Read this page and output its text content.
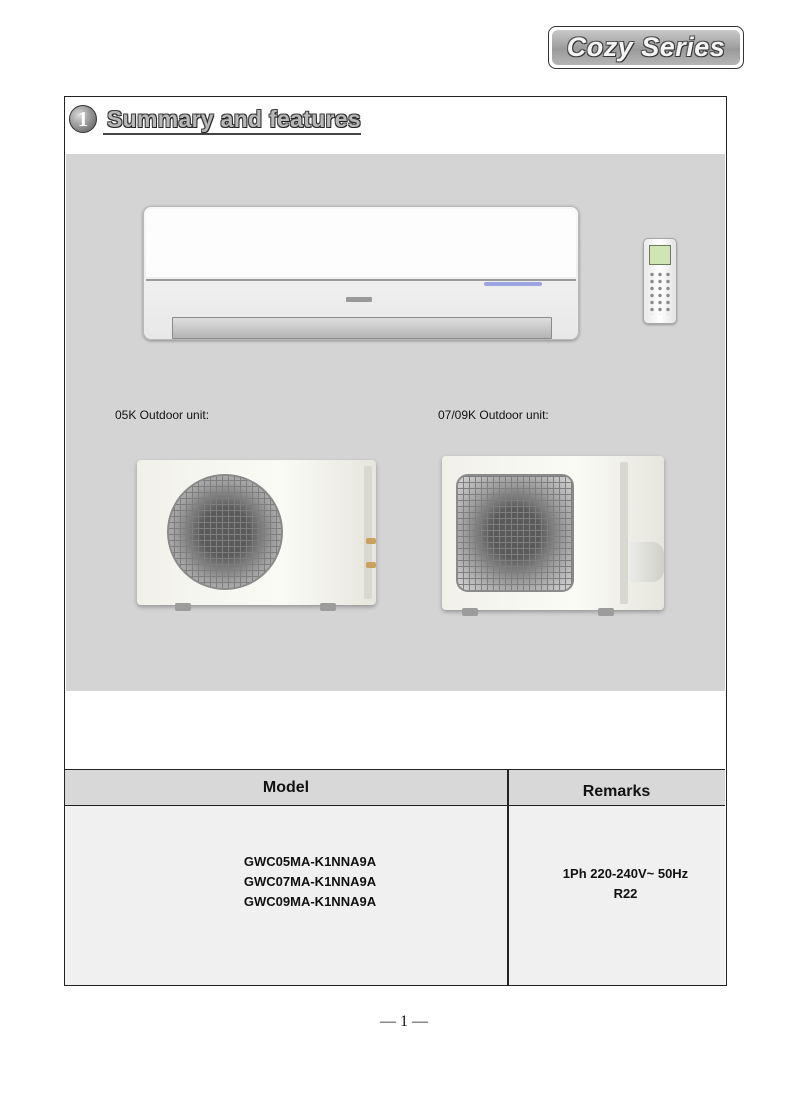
Cozy Series
1 Summary and features
05K Outdoor unit:	07/09K Outdoor unit:
Model	Remarks
GWC05MA-K1NNA9A
GWC07MA-K1NNA9A
GWC09MA-K1NNA9A
1Ph 220-240V~ 50Hz
R22
— 1 —
